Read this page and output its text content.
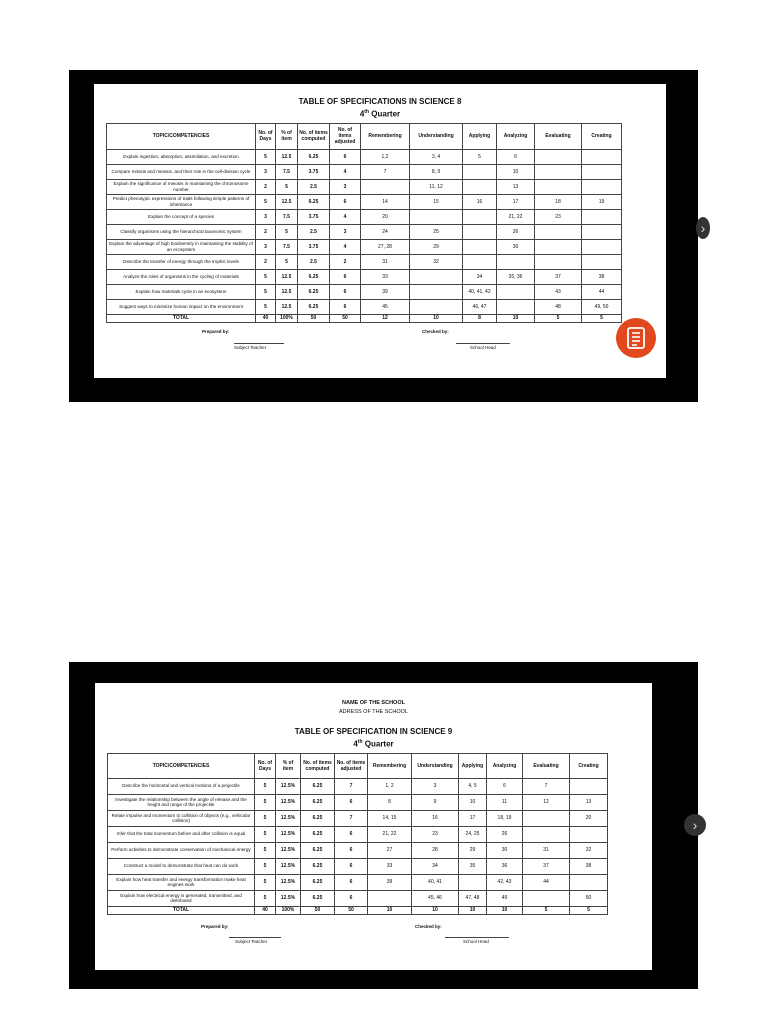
TABLE OF SPECIFICATIONS IN SCIENCE 8
4th Quarter
TOPIC/COMPETENCIES	No. of Days	% of item	No. of items computed	No. of items adjusted	Remembering	Understanding	Applying	Analyzing	Evaluating	Creating
Explain ingestion, absorption, assimilation, and excretion	5	12.5	6.25	6	1,2	3, 4	5	6		
Compare mitosis and meiosis, and their role in the cell-division cycle	3	7.5	3.75	4	7	8, 9		10		
Explain the significance of meiosis in maintaining the chromosome number	2	5	2.5	3		11, 12		13		
Predict phenotypic expressions of traits following simple patterns of inheritance	5	12.5	6.25	6	14	15	16	17	18	19
Explain the concept of a species	3	7.5	3.75	4	20			21, 22	23	
Classify organisms using the hierarchical taxonomic system	2	5	2.5	3	24	25		26		
Explain the advantage of high biodiversity in maintaining the stability of an ecosystem	3	7.5	3.75	4	27, 28	29		30		
Describe the transfer of energy through the trophic levels	2	5	2.5	2	31	32				
Analyze the roles of organisms in the cycling of materials	5	12.5	6.25	6	33		34	35, 36	37	38
Explain how materials cycle in an ecosystem	5	12.5	6.25	6	39		40, 41, 42		43	44
Suggest ways to minimize human impact on the environment	5	12.5	6.25	6	45		46, 47		48	49, 50
TOTAL	40	100%	50	50	12	10	8	10	5	5
Prepared by:
Subject Teacher
Checked by:
School Head
›
NAME OF THE SCHOOL
ADRESS OF THE SCHOOL
TABLE OF SPECIFICATION IN SCIENCE 9
4th Quarter
TOPIC/COMPETENCIES	No. of Days	% of item	No. of items computed	No. of items adjusted	Remembering	Understanding	Applying	Analyzing	Evaluating	Creating
Describe the horizontal and vertical motions of a projectile	5	12.5%	6.25	7	1, 2	3	4, 5	6	7	
Investigate the relationship between the angle of release and the height and range of the projectile	5	12.5%	6.25	6	8	9	10	11	12	13
Relate impulse and momentum to collision of objects (e.g., vehicular collision)	5	12.5%	6.25	7	14, 15	16	17	18, 19		20
Infer that the total momentum before and after collision is equal	5	12.5%	6.25	6	21, 22	23	24, 25	26		
Perform activities to demonstrate conservation of mechanical energy	5	12.5%	6.25	6	27	28	29	30	31	32
Construct a model to demonstrate that heat can do work	5	12.5%	6.25	6	33	34	35	36	37	38
Explain how heat transfer and energy transformation make heat engines work	5	12.5%	6.25	6	39	40, 41		42, 43	44	
Explain how electrical energy is generated, transmitted, and distributed	5	12.5%	6.25	6		45, 46	47, 48	49		50
TOTAL	40	100%	50	50	10	10	10	10	5	5
Prepared by:
Subject Teacher
Checked by:
School Head
›
